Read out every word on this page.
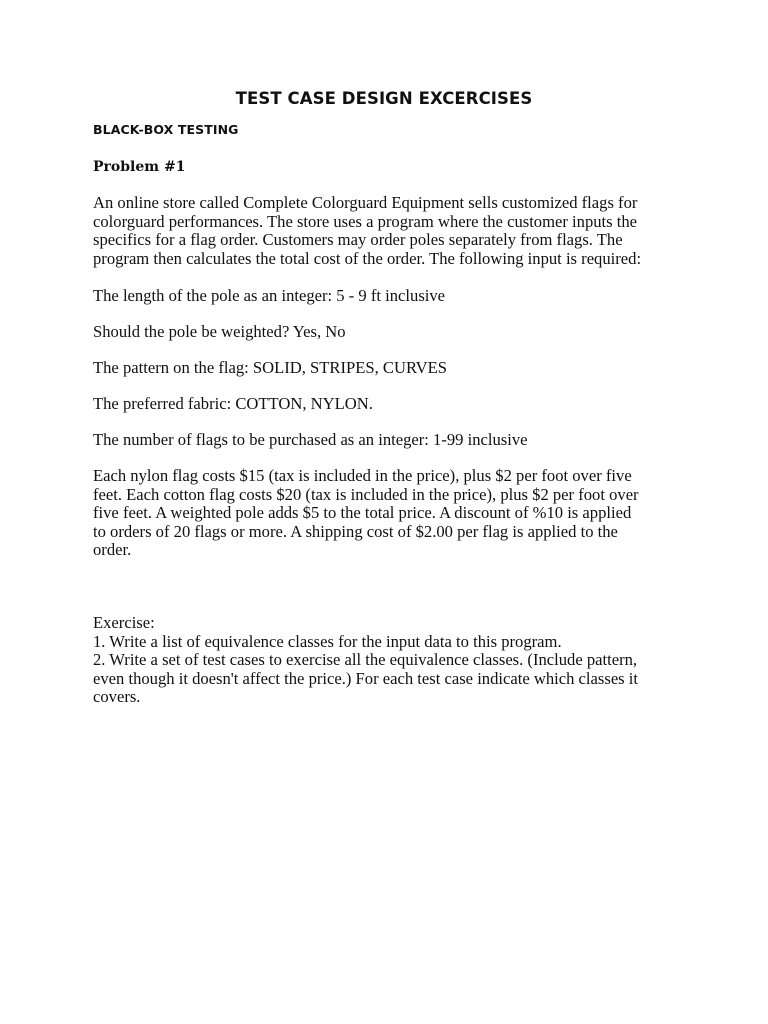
TEST CASE DESIGN EXCERCISES
BLACK-BOX TESTING
Problem #1

An online store called Complete Colorguard Equipment sells customized flags for
colorguard performances. The store uses a program where the customer inputs the
specifics for a flag order. Customers may order poles separately from flags. The
program then calculates the total cost of the order. The following input is required:

The length of the pole as an integer: 5 - 9 ft inclusive

Should the pole be weighted? Yes, No

The pattern on the flag: SOLID, STRIPES, CURVES

The preferred fabric: COTTON, NYLON.

The number of flags to be purchased as an integer: 1-99 inclusive

Each nylon flag costs $15 (tax is included in the price), plus $2 per foot over five
feet. Each cotton flag costs $20 (tax is included in the price), plus $2 per foot over
five feet. A weighted pole adds $5 to the total price. A discount of %10 is applied
to orders of 20 flags or more. A shipping cost of $2.00 per flag is applied to the
order.

Exercise:
1. Write a list of equivalence classes for the input data to this program.
2. Write a set of test cases to exercise all the equivalence classes. (Include pattern,
even though it doesn't affect the price.) For each test case indicate which classes it
covers.
